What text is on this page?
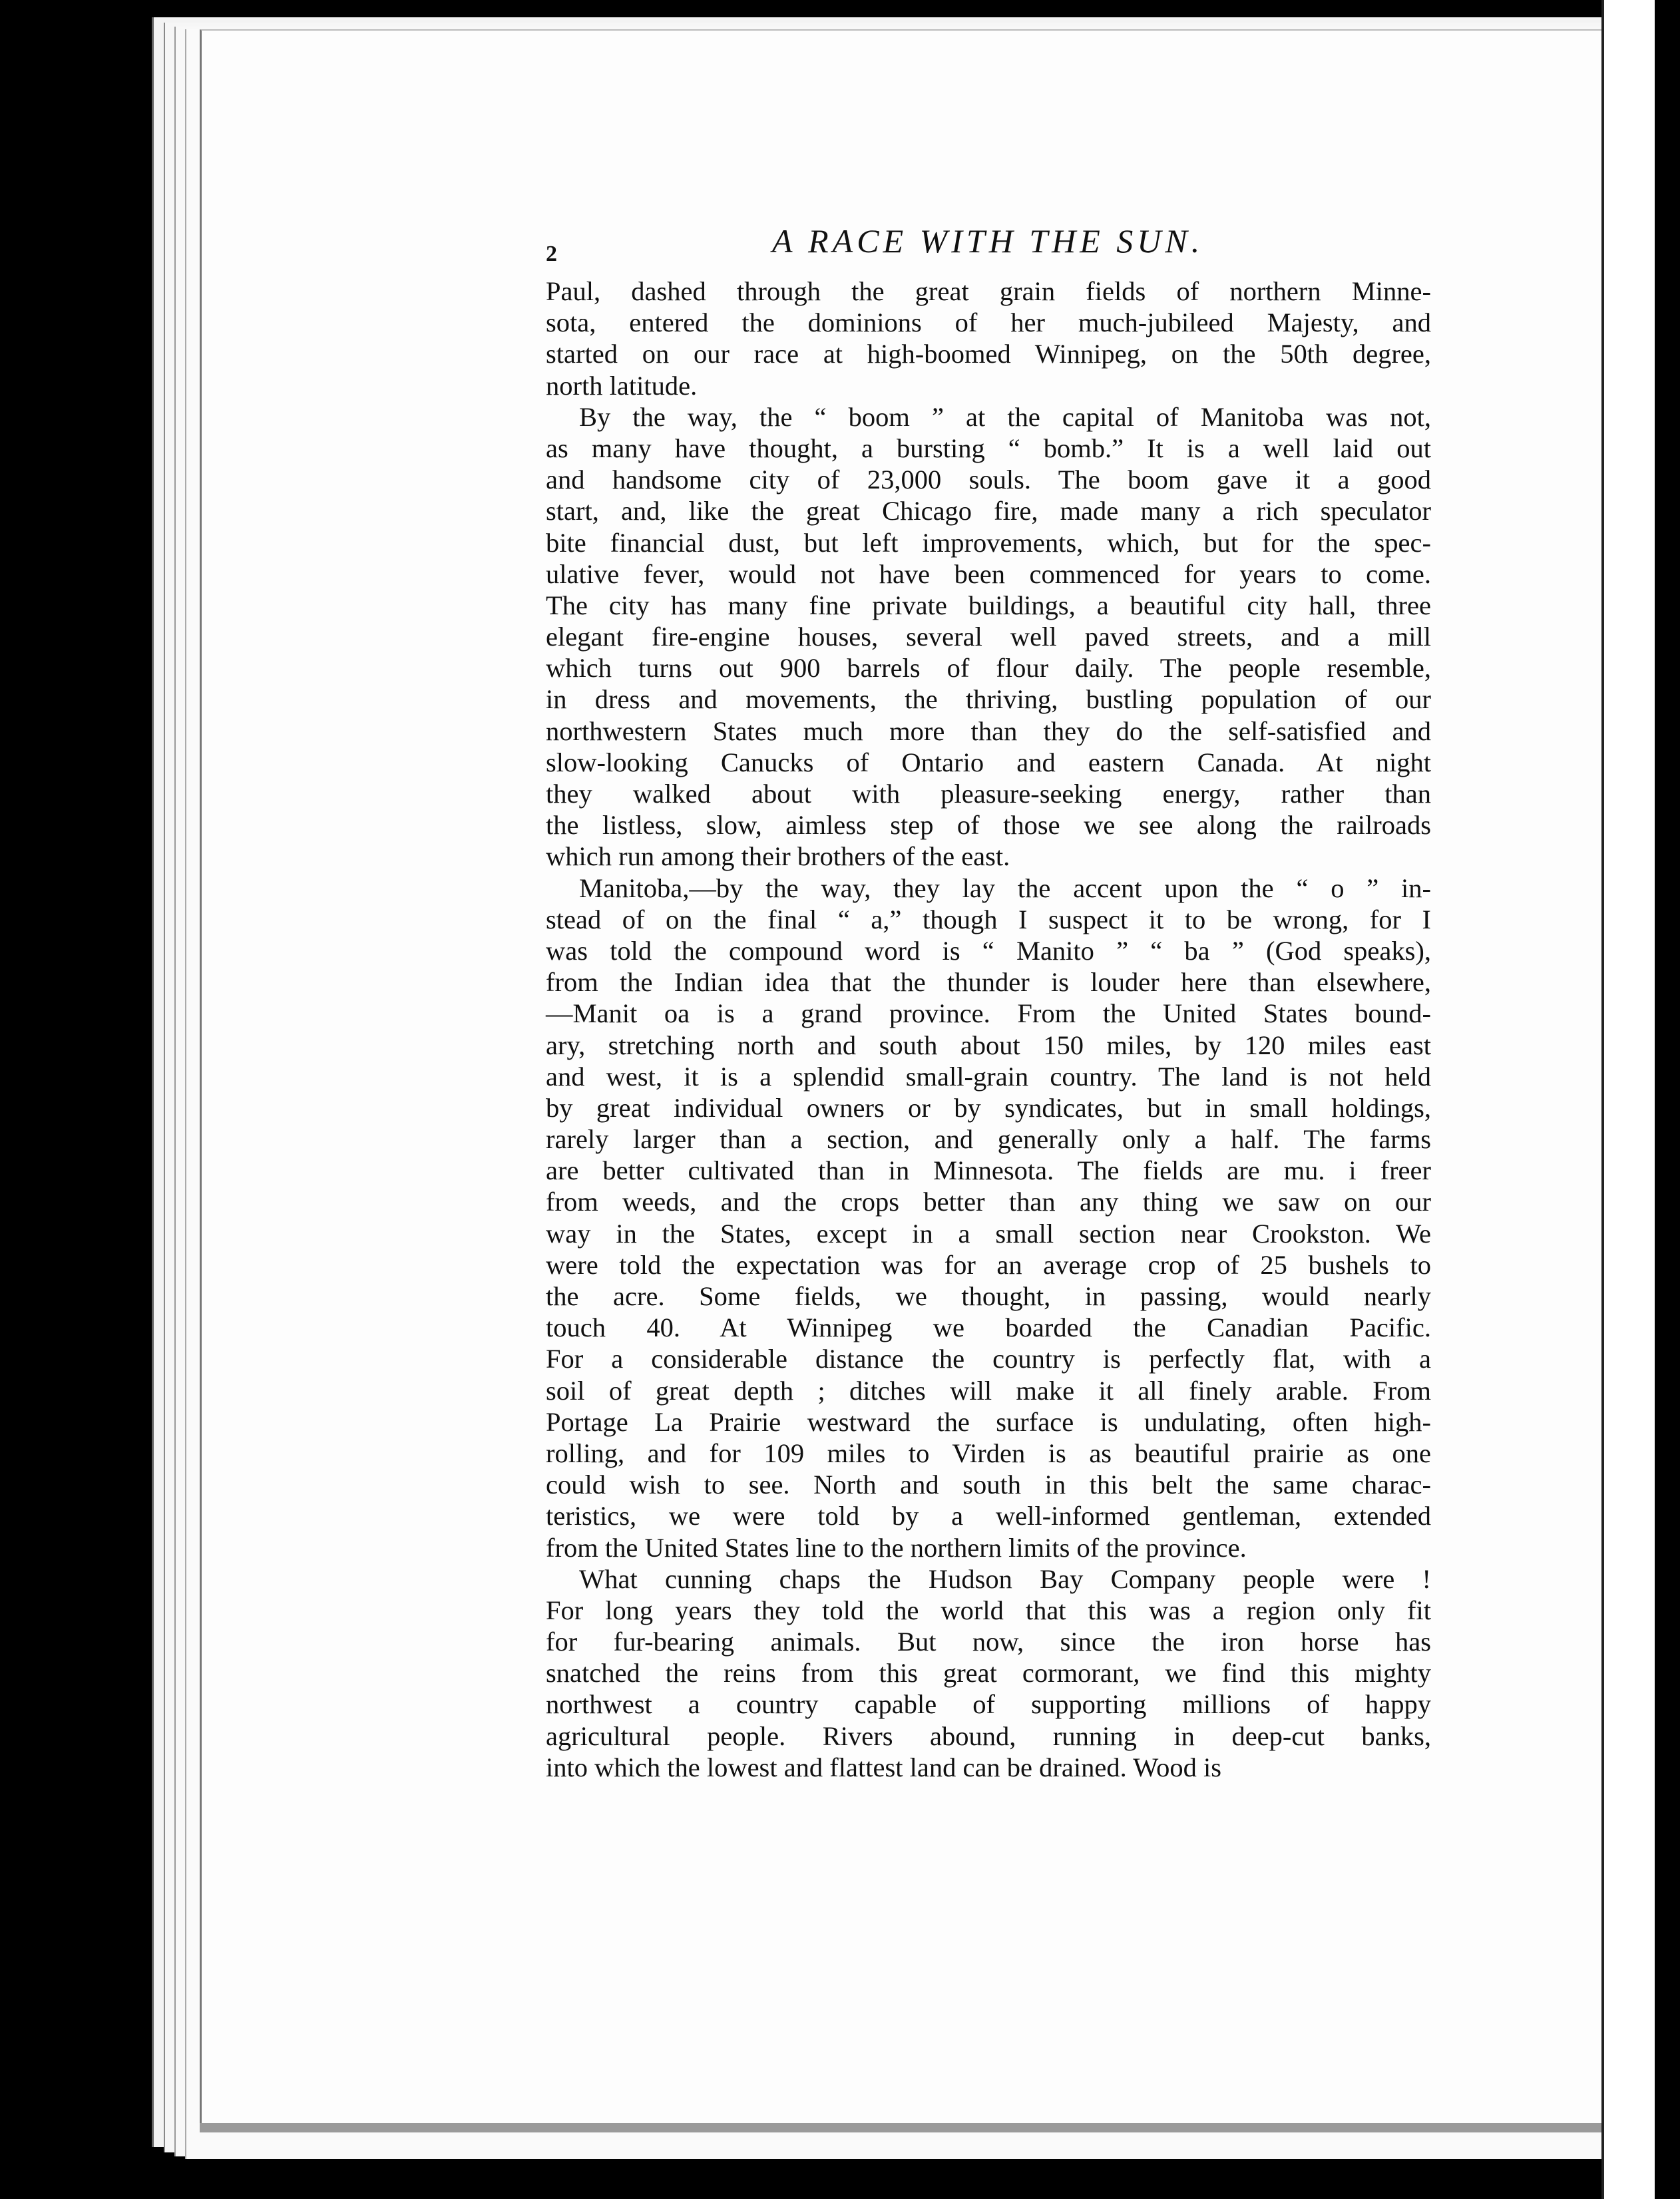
2	A RACE WITH THE SUN.
Paul, dashed through the great grain fields of northern Minne-
sota, entered the dominions of her much-jubileed Majesty, and
started on our race at high-boomed Winnipeg, on the 50th degree,
north latitude.
By the way, the “ boom ” at the capital of Manitoba was not,
as many have thought, a bursting “ bomb.” It is a well laid out
and handsome city of 23,000 souls. The boom gave it a good
start, and, like the great Chicago fire, made many a rich speculator
bite financial dust, but left improvements, which, but for the spec-
ulative fever, would not have been commenced for years to come.
The city has many fine private buildings, a beautiful city hall, three
elegant fire-engine houses, several well paved streets, and a mill
which turns out 900 barrels of flour daily. The people resemble,
in dress and movements, the thriving, bustling population of our
northwestern States much more than they do the self-satisfied and
slow-looking Canucks of Ontario and eastern Canada. At night
they walked about with pleasure-seeking energy, rather than
the listless, slow, aimless step of those we see along the railroads
which run among their brothers of the east.
Manitoba,—by the way, they lay the accent upon the “ o ” in-
stead of on the final “ a,” though I suspect it to be wrong, for I
was told the compound word is “ Manito ” “ ba ” (God speaks),
from the Indian idea that the thunder is louder here than elsewhere,
—Manit oa is a grand province. From the United States bound-
ary, stretching north and south about 150 miles, by 120 miles east
and west, it is a splendid small-grain country. The land is not held
by great individual owners or by syndicates, but in small holdings,
rarely larger than a section, and generally only a half. The farms
are better cultivated than in Minnesota. The fields are mu. i freer
from weeds, and the crops better than any thing we saw on our
way in the States, except in a small section near Crookston. We
were told the expectation was for an average crop of 25 bushels to
the acre. Some fields, we thought, in passing, would nearly
touch 40. At Winnipeg we boarded the Canadian Pacific.
For a considerable distance the country is perfectly flat, with a
soil of great depth ; ditches will make it all finely arable. From
Portage La Prairie westward the surface is undulating, often high-
rolling, and for 109 miles to Virden is as beautiful prairie as one
could wish to see. North and south in this belt the same charac-
teristics, we were told by a well-informed gentleman, extended
from the United States line to the northern limits of the province.
What cunning chaps the Hudson Bay Company people were !
For long years they told the world that this was a region only fit
for fur-bearing animals. But now, since the iron horse has
snatched the reins from this great cormorant, we find this mighty
northwest a country capable of supporting millions of happy
agricultural people. Rivers abound, running in deep-cut banks,
into which the lowest and flattest land can be drained. Wood is
